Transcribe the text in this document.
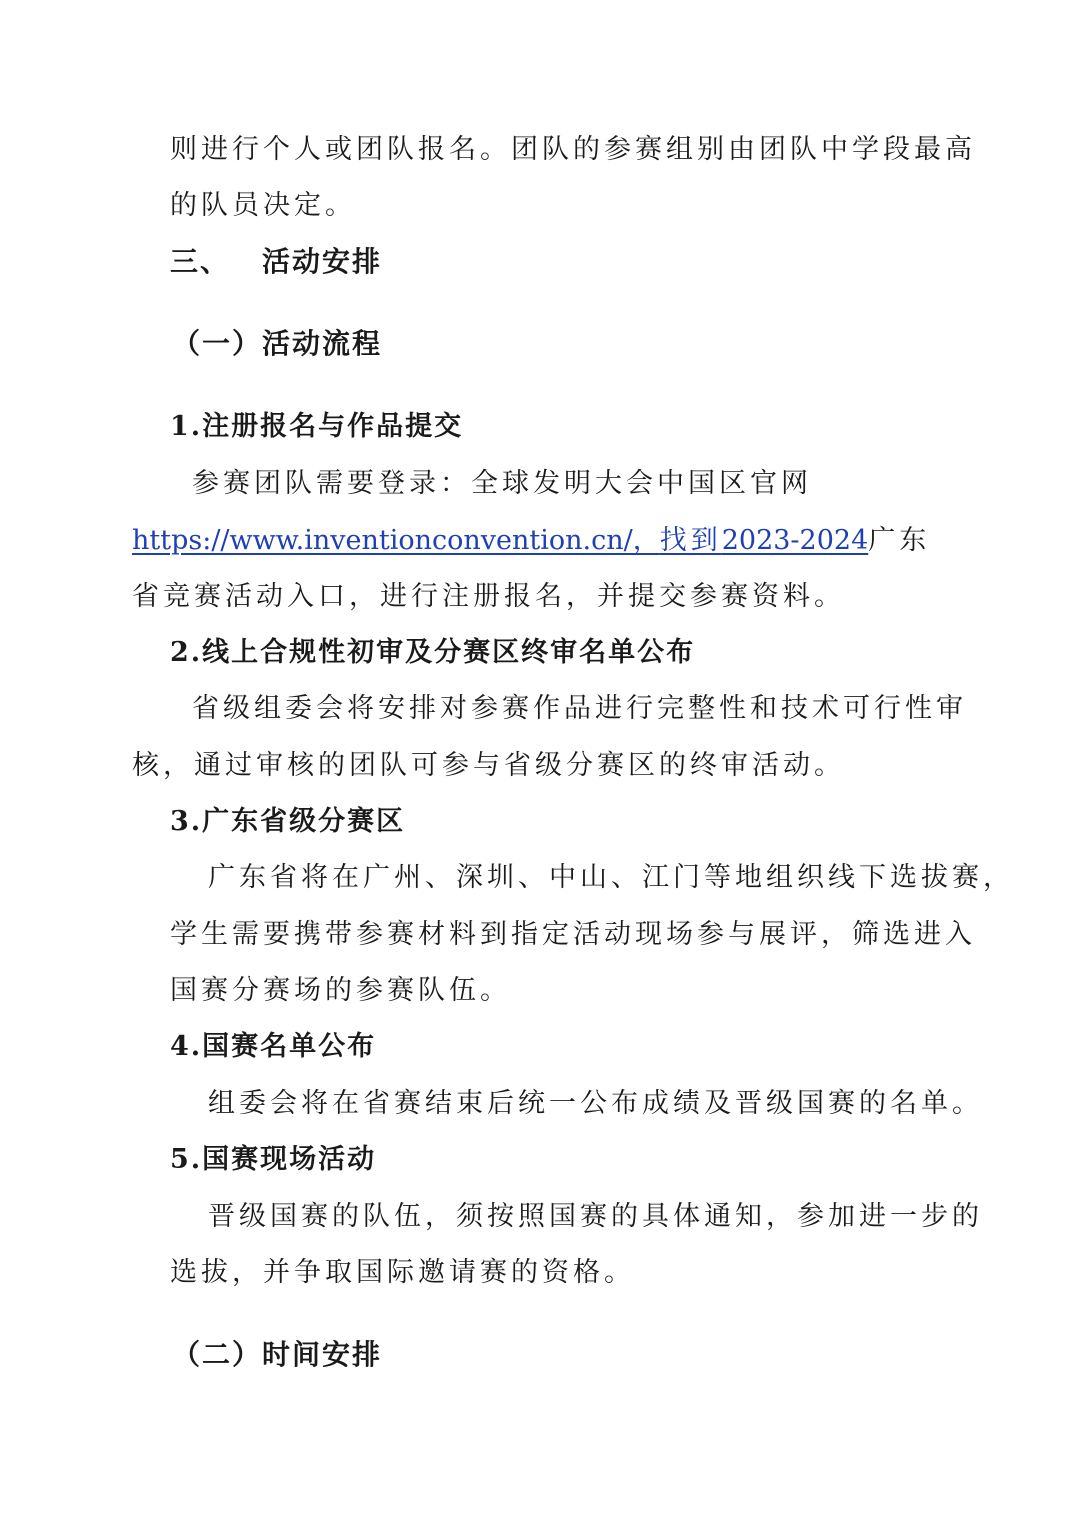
则进行个人或团队报名。团队的参赛组别由团队中学段最高
的队员决定。
三、 活动安排
（一）活动流程
1.注册报名与作品提交
参赛团队需要登录：全球发明大会中国区官网
https://www.inventionconvention.cn/，找到2023-2024广东
省竞赛活动入口，进行注册报名，并提交参赛资料。
2.线上合规性初审及分赛区终审名单公布
省级组委会将安排对参赛作品进行完整性和技术可行性审
核，通过审核的团队可参与省级分赛区的终审活动。
3.广东省级分赛区
广东省将在广州、深圳、中山、江门等地组织线下选拔赛，
学生需要携带参赛材料到指定活动现场参与展评，筛选进入
国赛分赛场的参赛队伍。
4.国赛名单公布
组委会将在省赛结束后统一公布成绩及晋级国赛的名单。
5.国赛现场活动
晋级国赛的队伍，须按照国赛的具体通知，参加进一步的
选拔，并争取国际邀请赛的资格。
（二）时间安排
